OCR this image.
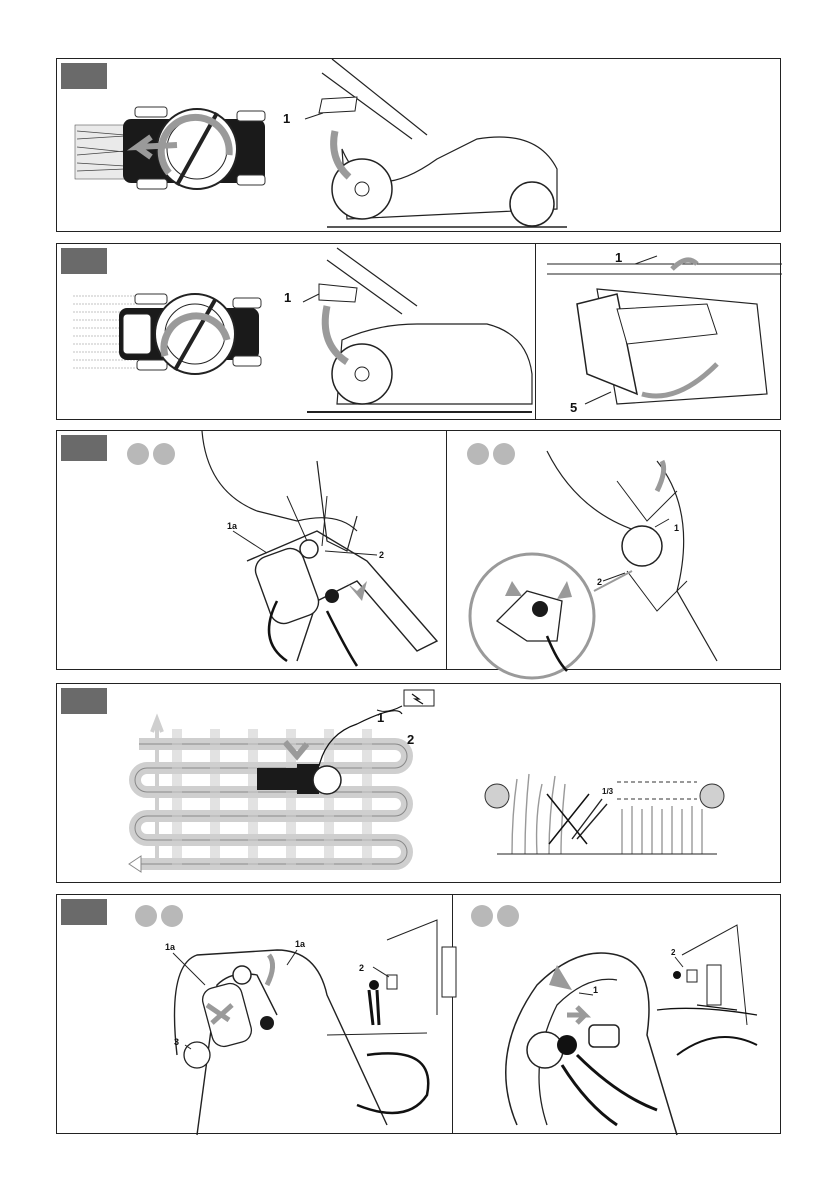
1
1
1
5
1a
2
1
2
1
2
1/3
1a	1a
2
3
2
1
